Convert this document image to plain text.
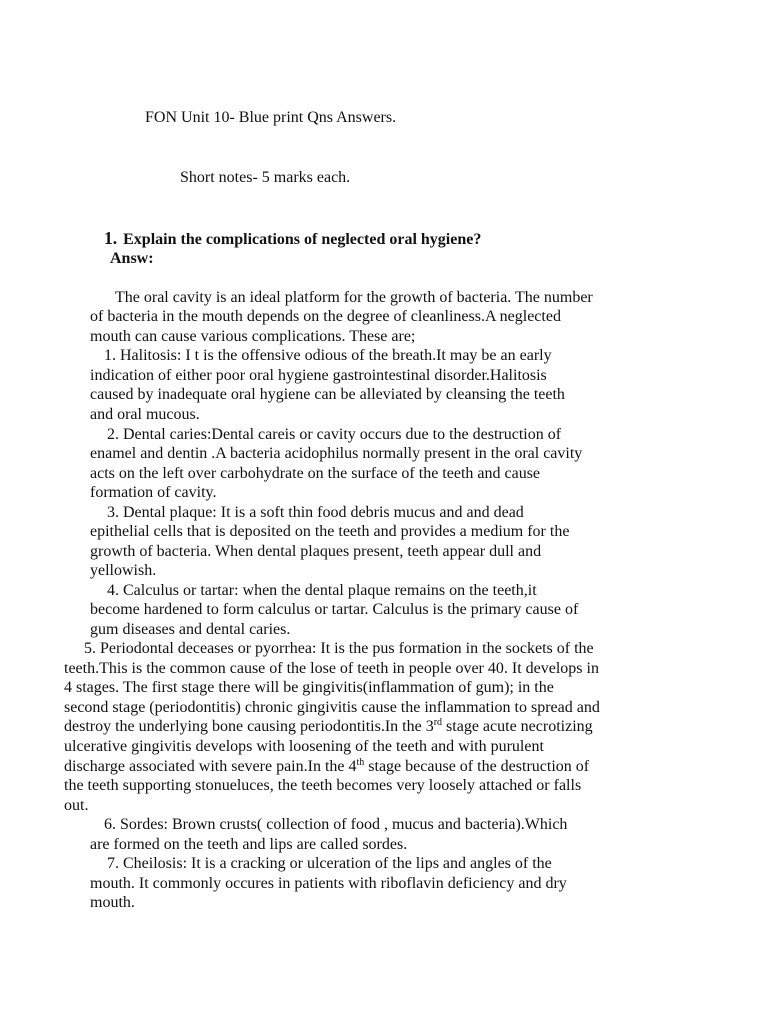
FON Unit 10- Blue print Qns Answers.

Short notes- 5 marks each.

1. Explain the complications of neglected oral hygiene?

Answ:

The oral cavity is an ideal platform for the growth of bacteria. The number

of bacteria in the mouth depends on the degree of cleanliness.A neglected

mouth can cause various complications. These are;

1. Halitosis: I t is the offensive odious of the breath.It may be an early

indication of either poor oral hygiene gastrointestinal disorder.Halitosis

caused by inadequate oral hygiene can be alleviated by cleansing the teeth

and oral mucous.

2. Dental caries:Dental careis or cavity occurs due to the destruction of

enamel and dentin .A bacteria acidophilus normally present in the oral cavity

acts on the left over carbohydrate on the surface of the teeth and cause

formation of cavity.

3. Dental plaque: It is a soft thin food debris mucus and and dead

epithelial cells that is deposited on the teeth and provides a medium for the

growth of bacteria. When dental plaques present, teeth appear dull and

yellowish.

4. Calculus or tartar: when the dental plaque remains on the teeth,it

become hardened to form calculus or tartar. Calculus is the primary cause of

gum diseases and dental caries.

5. Periodontal deceases or pyorrhea: It is the pus formation in the sockets of the

teeth.This is the common cause of the lose of teeth in people over 40. It develops in

4 stages. The first stage there will be gingivitis(inflammation of gum); in the

second stage (periodontitis) chronic gingivitis cause the inflammation to spread and

destroy the underlying bone causing periodontitis.In the 3rd stage acute necrotizing

ulcerative gingivitis develops with loosening of the teeth and with purulent

discharge associated with severe pain.In the 4th stage because of the destruction of

the teeth supporting stonueluces, the teeth becomes very loosely attached or falls

out.

6. Sordes: Brown crusts( collection of food , mucus and bacteria).Which

are formed on the teeth and lips are called sordes.

7. Cheilosis: It is a cracking or ulceration of the lips and angles of the

mouth. It commonly occures in patients with riboflavin deficiency and dry

mouth.
